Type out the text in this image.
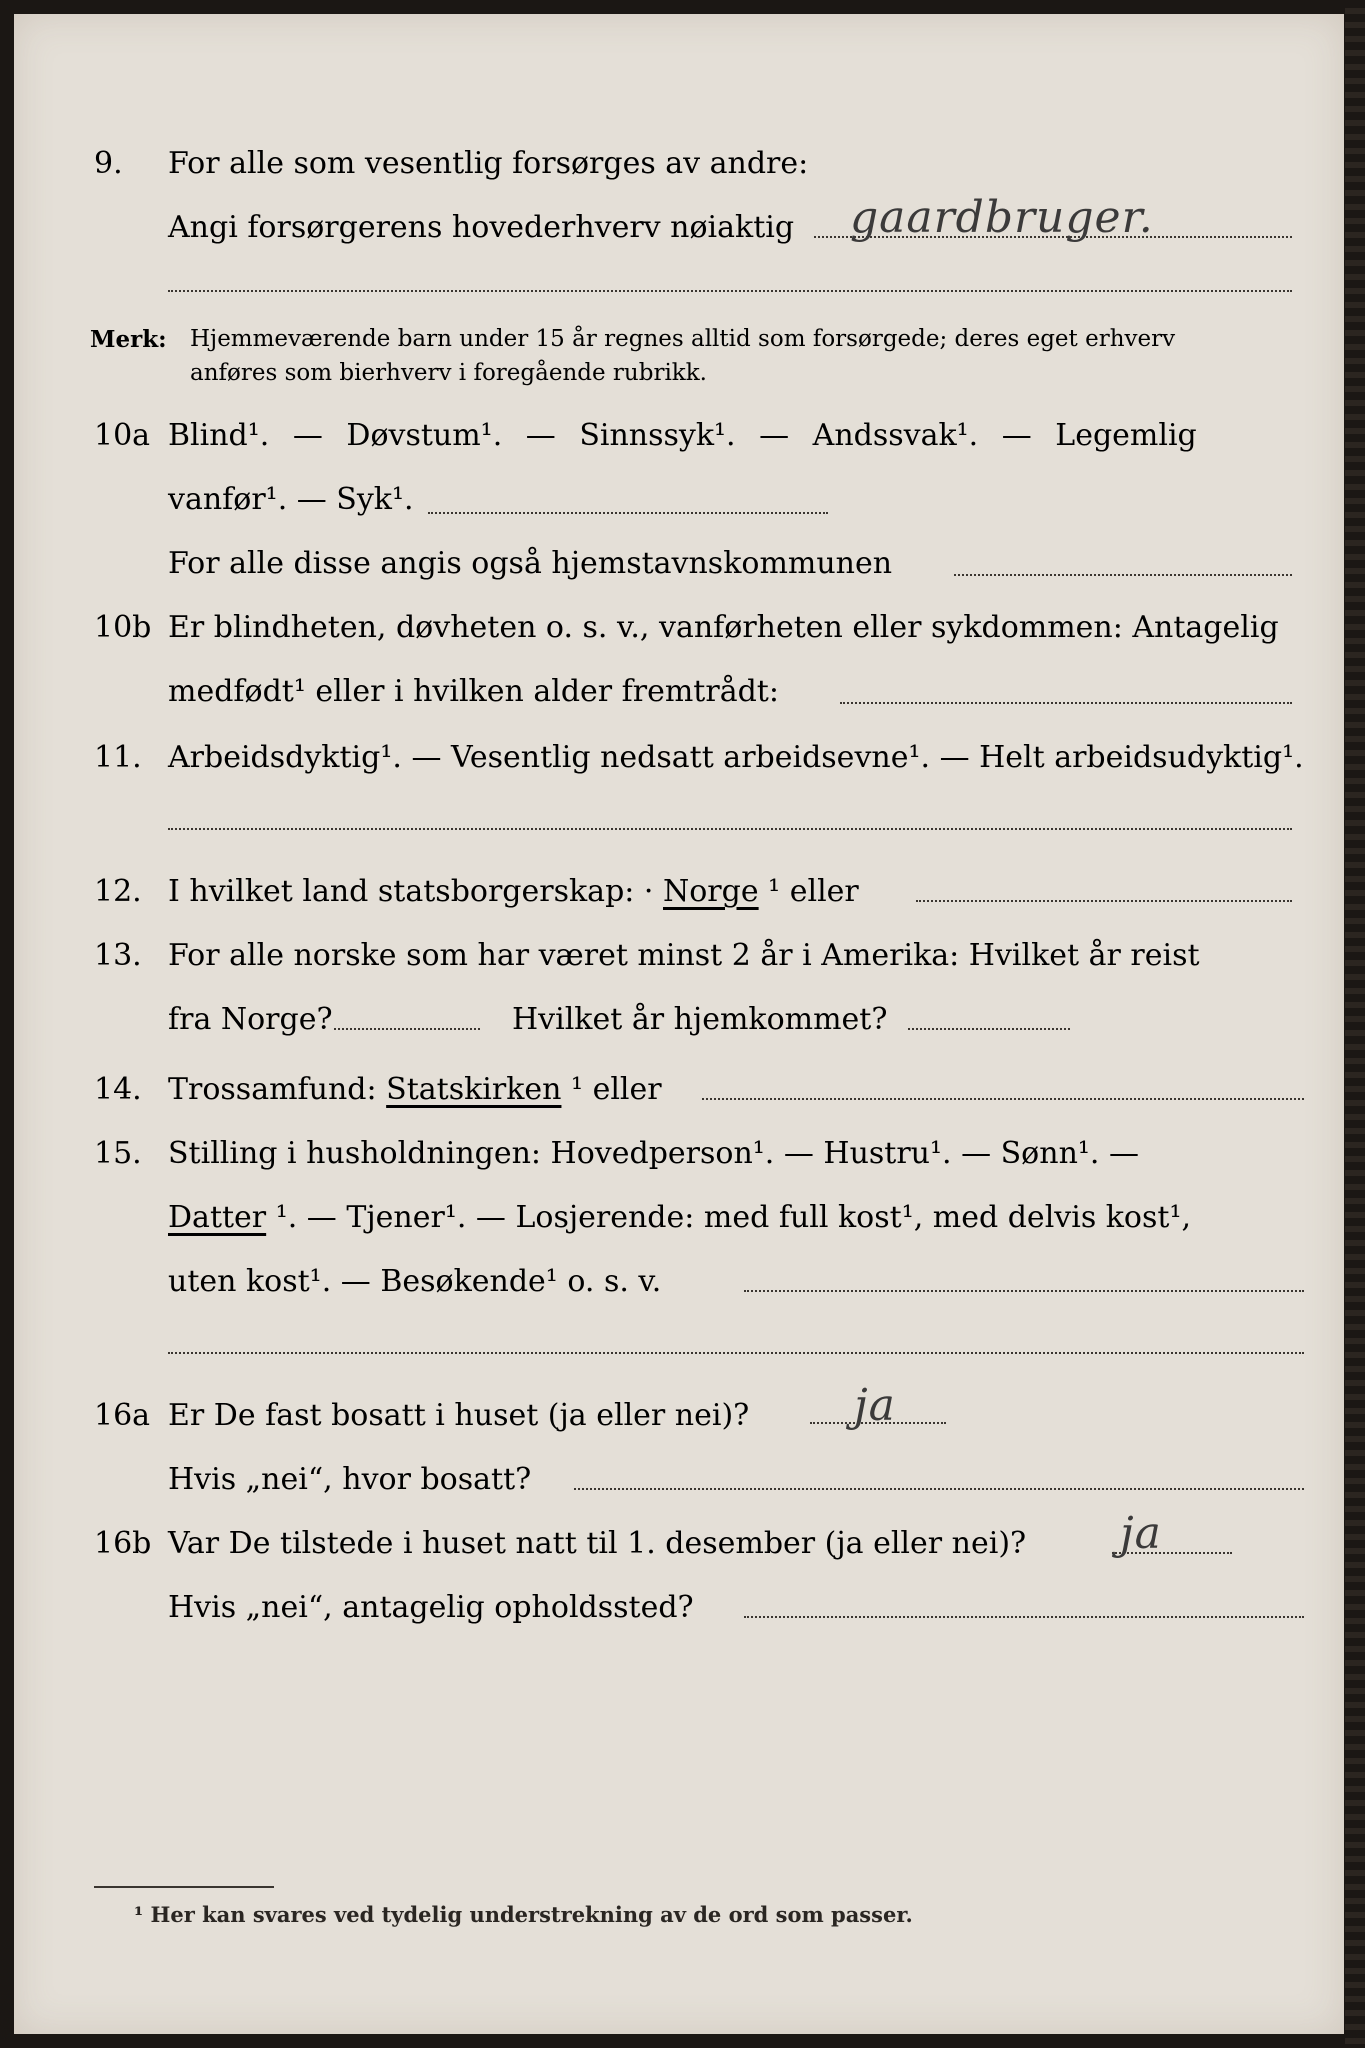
9. For alle som vesentlig forsørges av andre:
Angi forsørgerens hovederhverv nøiaktig gaardbruger.
Merk: Hjemmeværende barn under 15 år regnes alltid som forsørgede; deres eget erhverv
anføres som bierhverv i foregående rubrikk.
10a Blind¹. — Døvstum¹. — Sinnssyk¹. — Andssvak¹. — Legemlig
vanfør¹. — Syk¹.
For alle disse angis også hjemstavnskommunen
10b Er blindheten, døvheten o. s. v., vanførheten eller sykdommen: Antagelig
medfødt¹ eller i hvilken alder fremtrådt:
11. Arbeidsdyktig¹. — Vesentlig nedsatt arbeidsevne¹. — Helt arbeidsudyktig¹.
12. I hvilket land statsborgerskap: · Norge ¹ eller
13. For alle norske som har været minst 2 år i Amerika: Hvilket år reist
fra Norge?	Hvilket år hjemkommet?
14. Trossamfund: Statskirken ¹ eller
15. Stilling i husholdningen: Hovedperson¹. — Hustru¹. — Sønn¹. —
Datter ¹. — Tjener¹. — Losjerende: med full kost¹, med delvis kost¹,
uten kost¹. — Besøkende¹ o. s. v.
16a Er De fast bosatt i huset (ja eller nei)? ja
Hvis „nei“, hvor bosatt?
16b Var De tilstede i huset natt til 1. desember (ja eller nei)? ja
Hvis „nei“, antagelig opholdssted?
¹ Her kan svares ved tydelig understrekning av de ord som passer.
